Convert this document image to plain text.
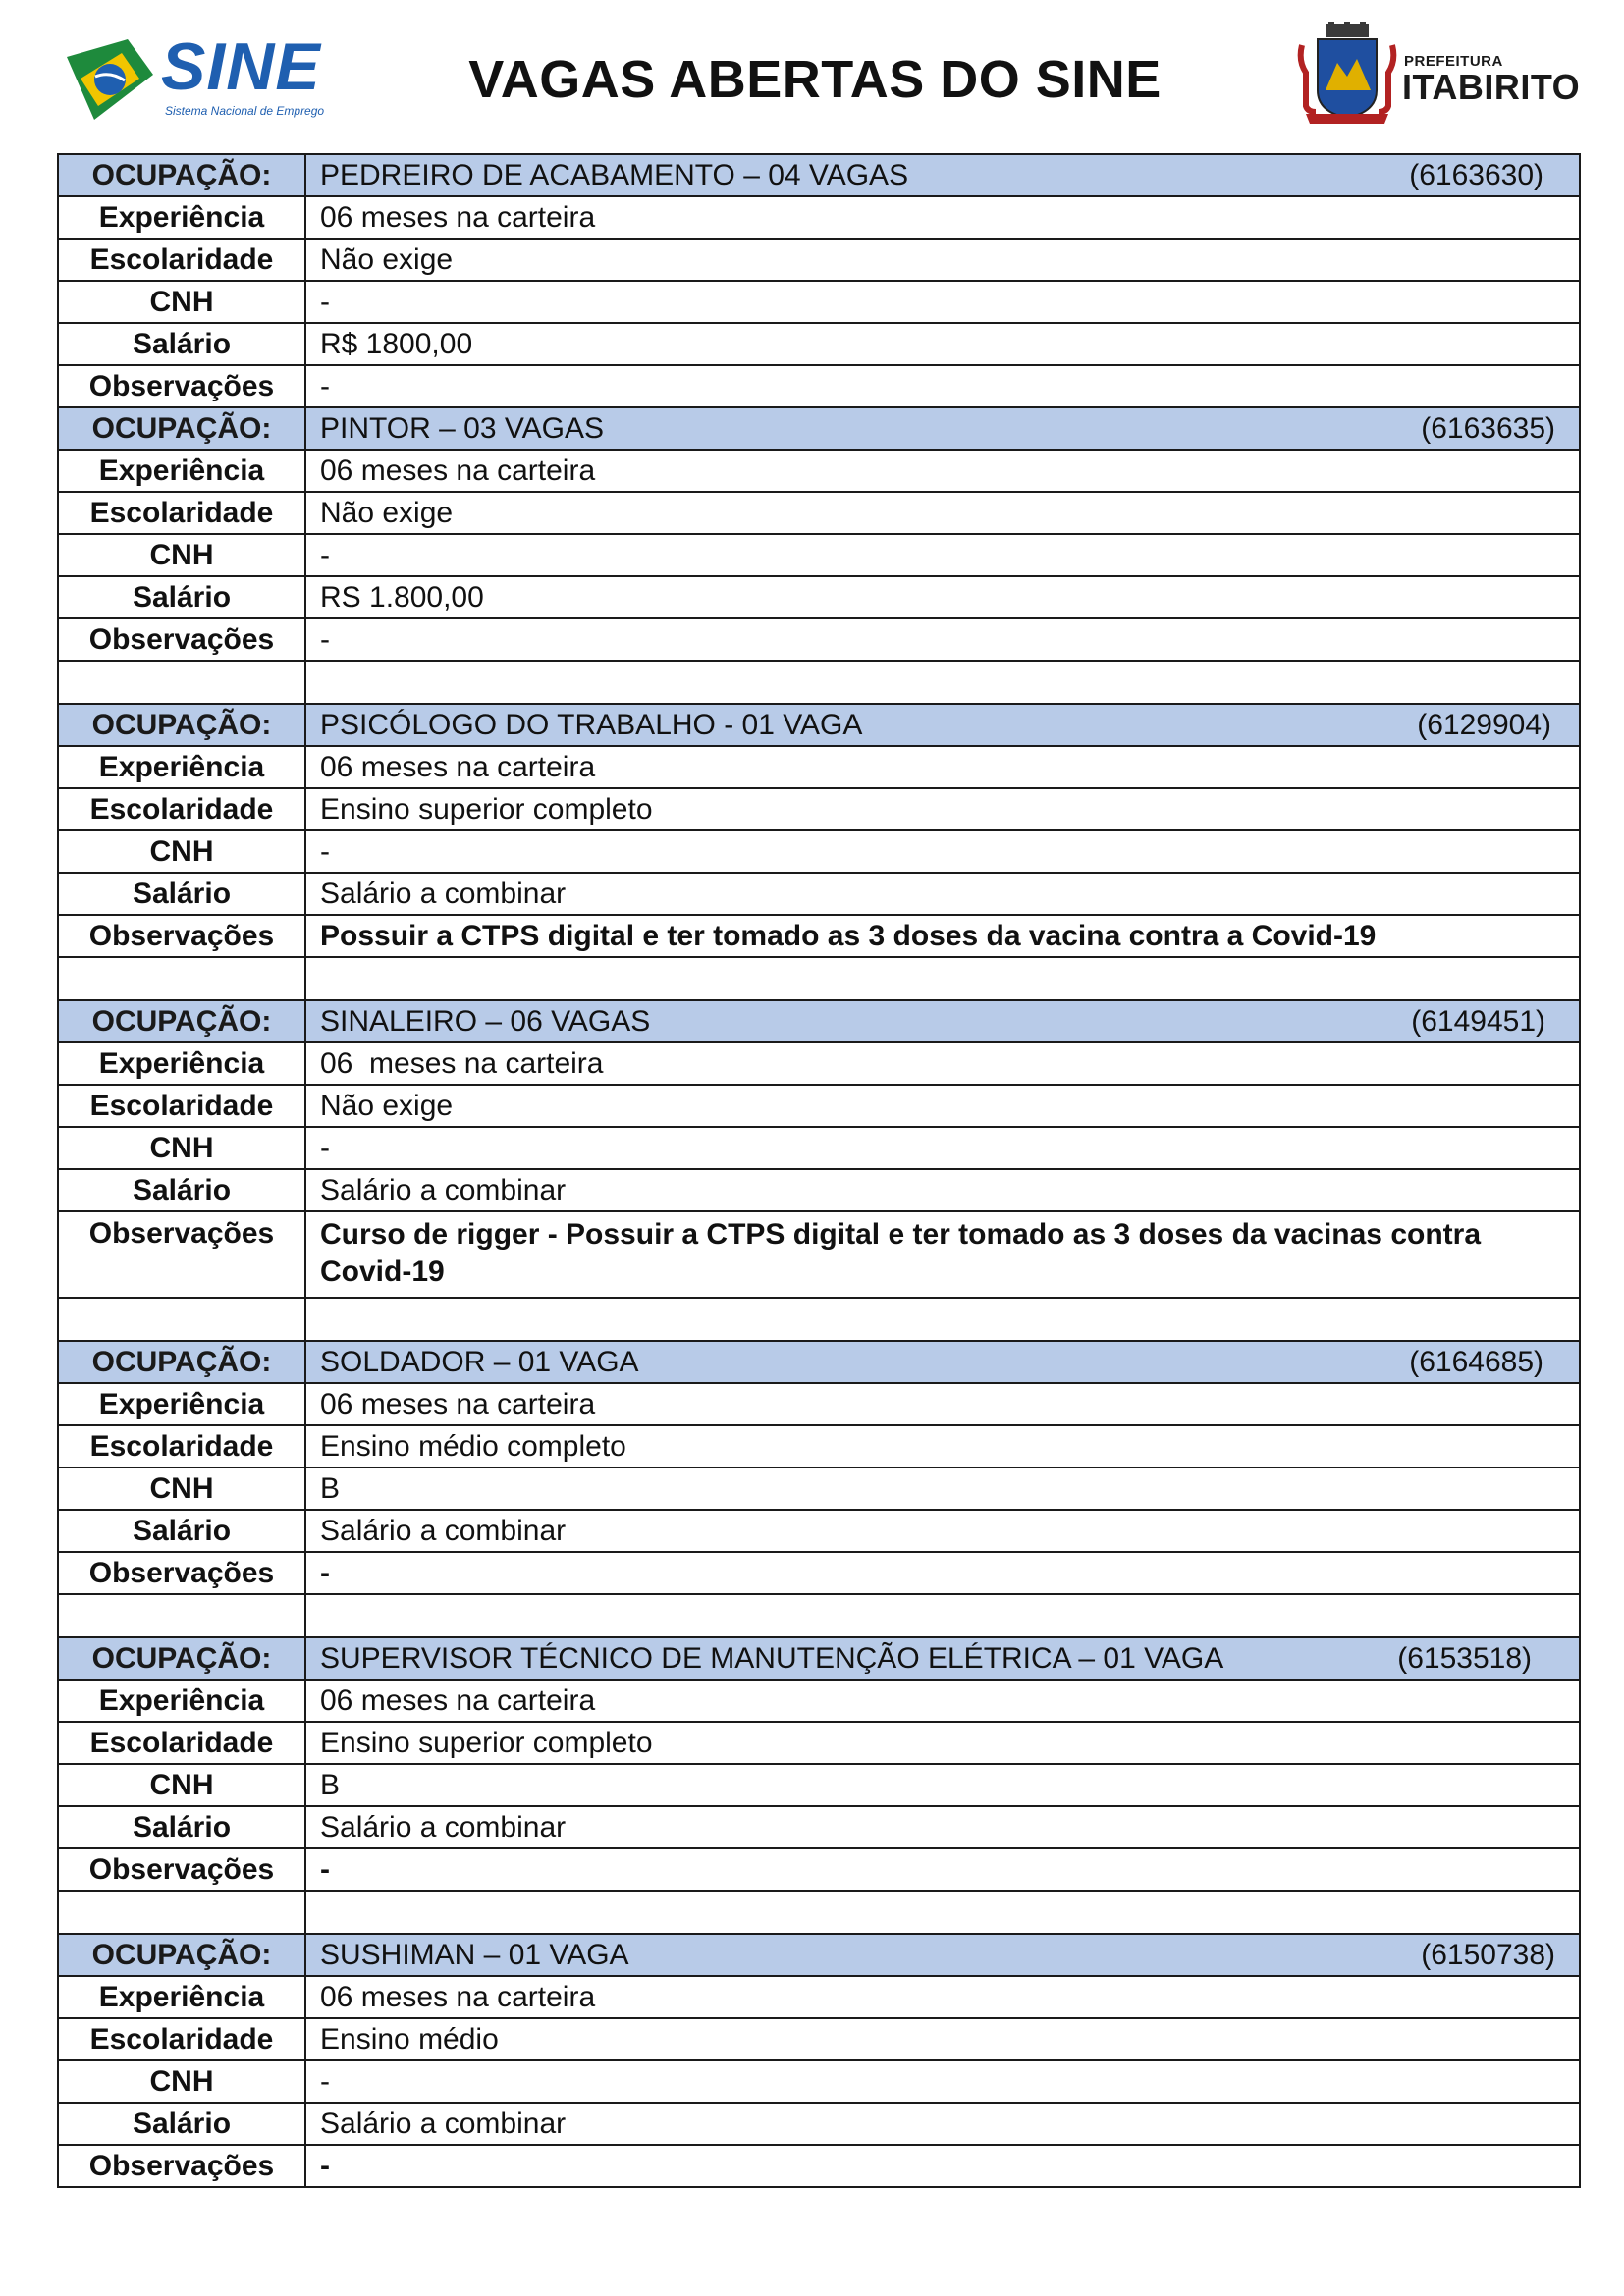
SINE
Sistema Nacional de Emprego
VAGAS ABERTAS DO SINE	PREFEITURA
ITABIRITO
OCUPAÇÃO:	PEDREIRO DE ACABAMENTO – 04 VAGAS (6163630)

Experiência	06 meses na carteira
Escolaridade	Não exige
CNH	-
Salário	R$ 1800,00
Observações	-
OCUPAÇÃO:	PINTOR – 03 VAGAS (6163635)

Experiência	06 meses na carteira
Escolaridade	Não exige
CNH	-
Salário	RS 1.800,00
Observações	-

OCUPAÇÃO:	PSICÓLOGO DO TRABALHO - 01 VAGA (6129904)

Experiência	06 meses na carteira
Escolaridade	Ensino superior completo
CNH	-
Salário	Salário a combinar
Observações	Possuir a CTPS digital e ter tomado as 3 doses da vacina contra a Covid-19

OCUPAÇÃO:	SINALEIRO – 06 VAGAS (6149451)

Experiência	06  meses na carteira
Escolaridade	Não exige
CNH	-
Salário	Salário a combinar
Observações	Curso de rigger - Possuir a CTPS digital e ter tomado as 3 doses da vacinas contra Covid-19

OCUPAÇÃO:	SOLDADOR – 01 VAGA (6164685)

Experiência	06 meses na carteira
Escolaridade	Ensino médio completo
CNH	B
Salário	Salário a combinar
Observações	-

OCUPAÇÃO:	SUPERVISOR TÉCNICO DE MANUTENÇÃO ELÉTRICA – 01 VAGA (6153518)

Experiência	06 meses na carteira
Escolaridade	Ensino superior completo
CNH	B
Salário	Salário a combinar
Observações	-

OCUPAÇÃO:	SUSHIMAN – 01 VAGA (6150738)

Experiência	06 meses na carteira
Escolaridade	Ensino médio
CNH	-
Salário	Salário a combinar
Observações	-
